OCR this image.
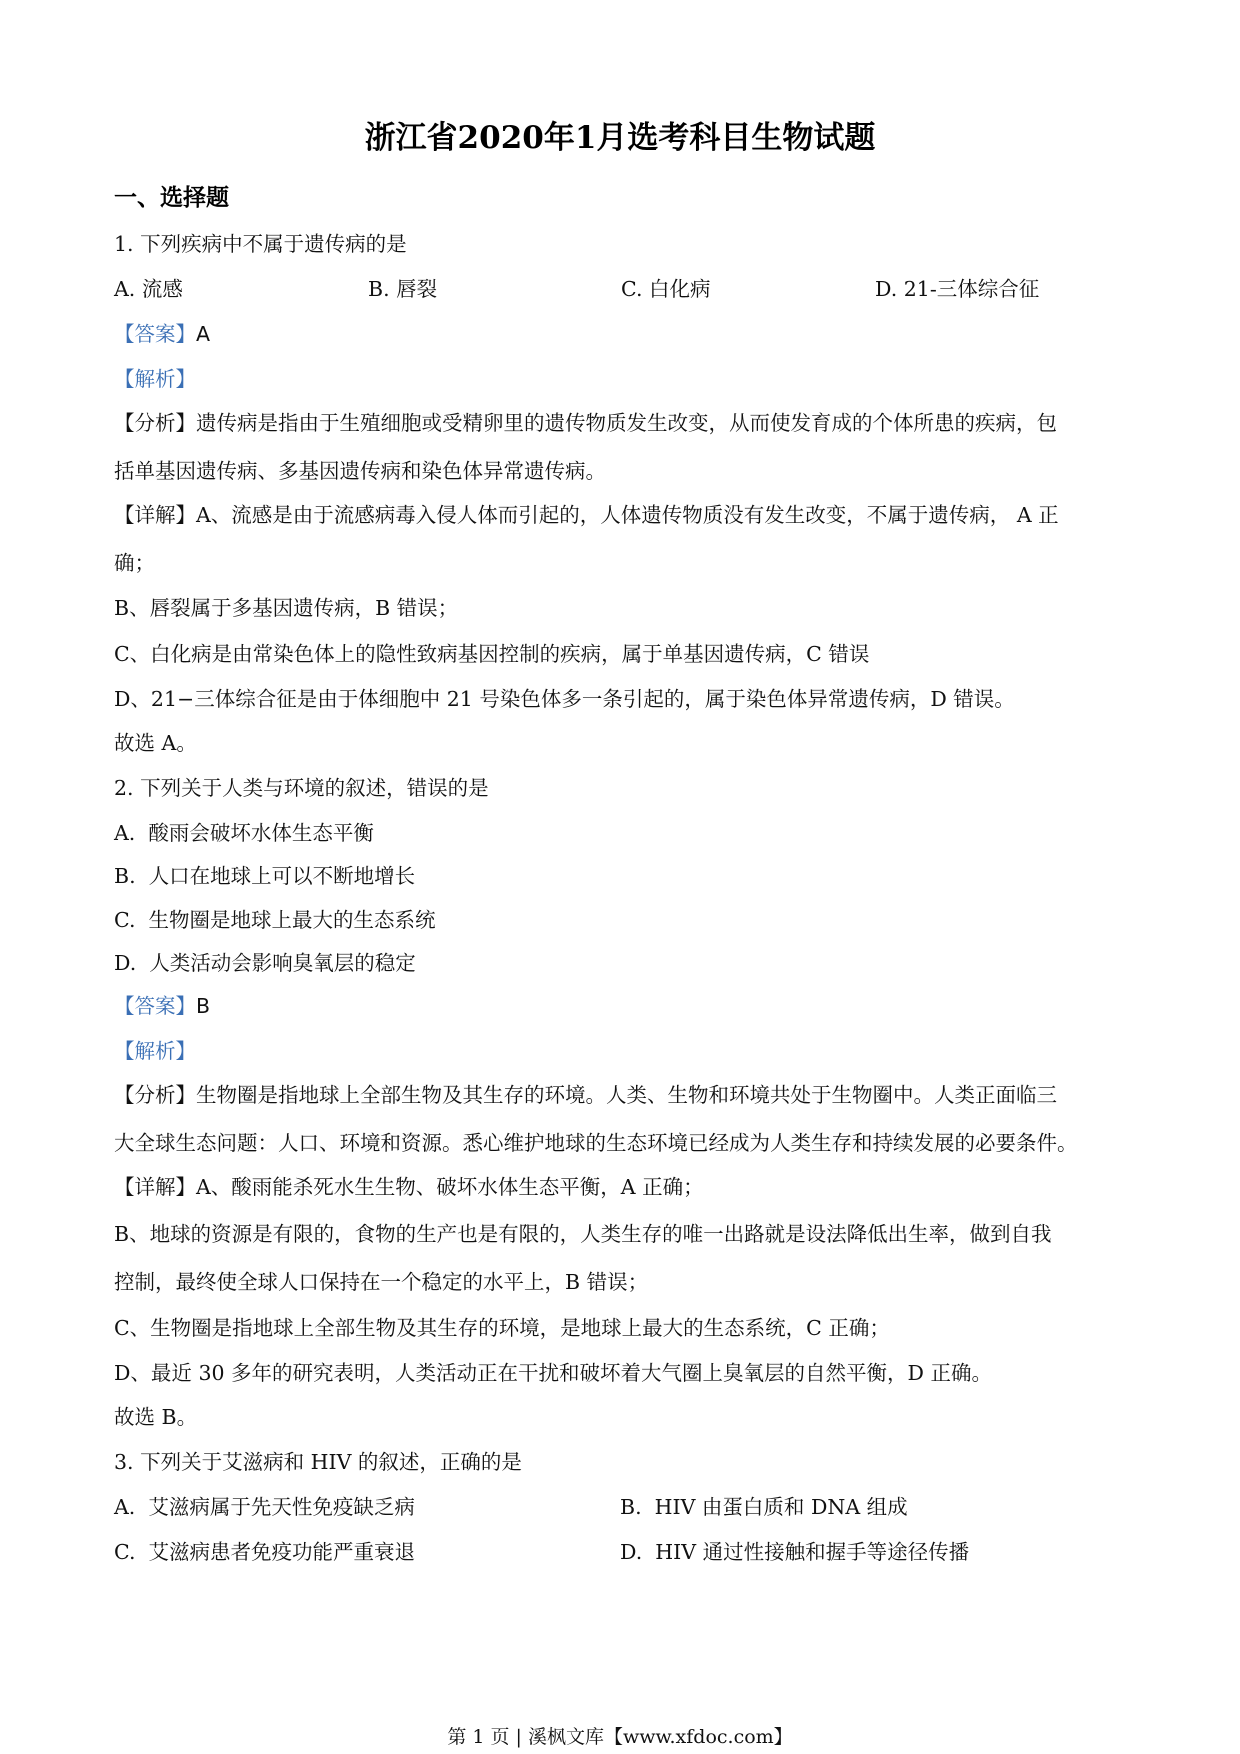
浙江省2020年1月选考科目生物试题
一、选择题
1. 下列疾病中不属于遗传病的是
A. 流感	B. 唇裂	C. 白化病	D. 21-三体综合征
【答案】A
【解析】
【分析】遗传病是指由于生殖细胞或受精卵里的遗传物质发生改变，从而使发育成的个体所患的疾病，包
括单基因遗传病、多基因遗传病和染色体异常遗传病。
【详解】A、流感是由于流感病毒入侵人体而引起的，人体遗传物质没有发生改变，不属于遗传病， A 正
确；
B、唇裂属于多基因遗传病，B 错误；
C、白化病是由常染色体上的隐性致病基因控制的疾病，属于单基因遗传病，C 错误
D、21−三体综合征是由于体细胞中 21 号染色体多一条引起的，属于染色体异常遗传病，D 错误。
故选 A。
2. 下列关于人类与环境的叙述，错误的是
A. 酸雨会破坏水体生态平衡
B. 人口在地球上可以不断地增长
C. 生物圈是地球上最大的生态系统
D. 人类活动会影响臭氧层的稳定
【答案】B
【解析】
【分析】生物圈是指地球上全部生物及其生存的环境。人类、生物和环境共处于生物圈中。人类正面临三
大全球生态问题：人口、环境和资源。悉心维护地球的生态环境已经成为人类生存和持续发展的必要条件。
【详解】A、酸雨能杀死水生生物、破坏水体生态平衡，A 正确；
B、地球的资源是有限的，食物的生产也是有限的，人类生存的唯一出路就是设法降低出生率，做到自我
控制，最终使全球人口保持在一个稳定的水平上，B 错误；
C、生物圈是指地球上全部生物及其生存的环境，是地球上最大的生态系统，C 正确；
D、最近 30 多年的研究表明，人类活动正在干扰和破坏着大气圈上臭氧层的自然平衡，D 正确。
故选 B。
3. 下列关于艾滋病和 HIV 的叙述，正确的是
A. 艾滋病属于先天性免疫缺乏病	B. HIV 由蛋白质和 DNA 组成
C. 艾滋病患者免疫功能严重衰退	D. HIV 通过性接触和握手等途径传播
第 1 页 | 溪枫文库【www.xfdoc.com】
